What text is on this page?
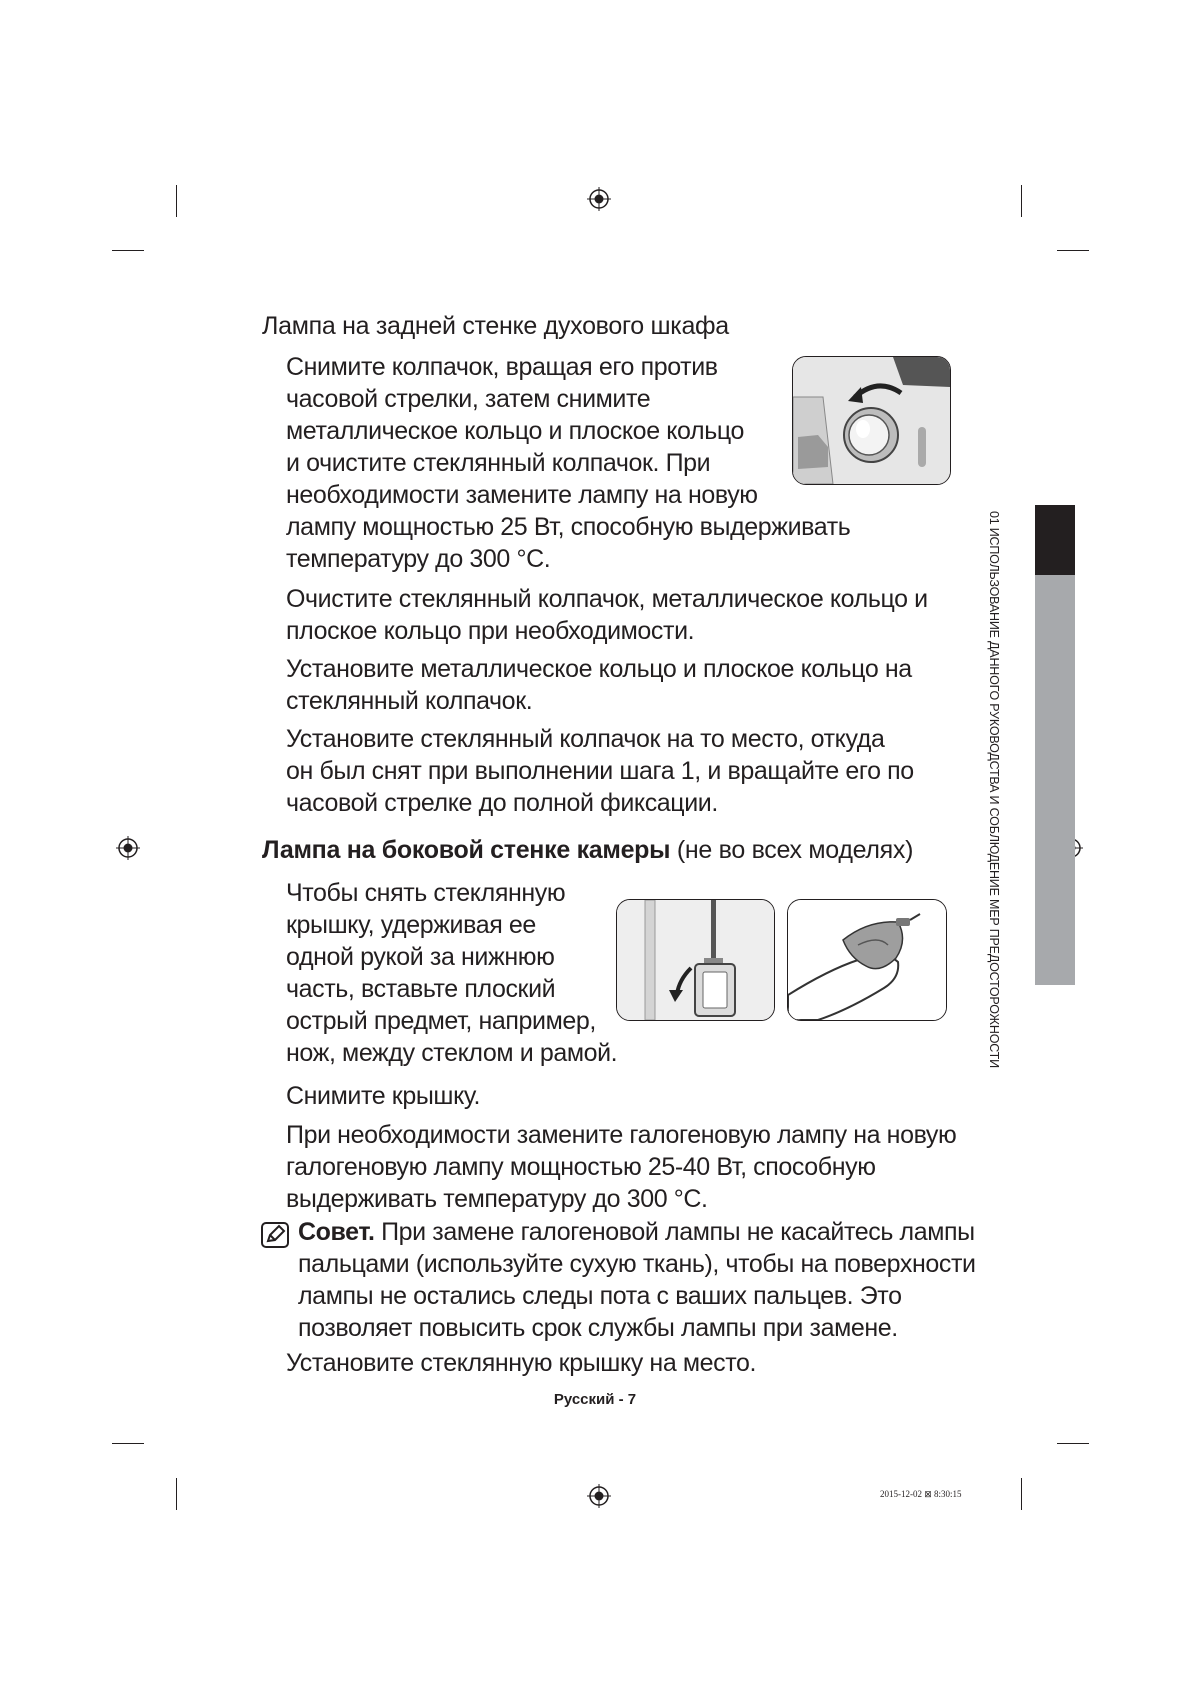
01 ИСПОЛЬЗОВАНИЕ ДАННОГО РУКОВОДСТВА И СОБЛЮДЕНИЕ МЕР ПРЕДОСТОРОЖНОСТИ
Лампа на задней стенке духового шкафа

Снимите колпачок, вращая его против
часовой стрелки, затем снимите
металлическое кольцо и плоское кольцо
и очистите стеклянный колпачок. При
необходимости замените лампу на новую
лампу мощностью 25 Вт, способную выдерживать
температуру до 300 °C.

Очистите стеклянный колпачок, металлическое кольцо и
плоское кольцо при необходимости.

Установите металлическое кольцо и плоское кольцо на
стеклянный колпачок.

Установите стеклянный колпачок на то место, откуда
он был снят при выполнении шага 1, и вращайте его по
часовой стрелке до полной фиксации.

Лампа на боковой стенке камеры (не во всех моделях)

Чтобы снять стеклянную
крышку, удерживая ее
одной рукой за нижнюю
часть, вставьте плоский
острый предмет, например,
нож, между стеклом и рамой.

Снимите крышку.

При необходимости замените галогеновую лампу на новую
галогеновую лампу мощностью 25-40 Вт, способную
выдерживать температуру до 300 °C.

Совет. При замене галогеновой лампы не касайтесь лампы
пальцами (используйте сухую ткань), чтобы на поверхности
лампы не остались следы пота с ваших пальцев. Это
позволяет повысить срок службы лампы при замене.

Установите стеклянную крышку на место.

Русский - 7
2015-12-02 ⊠ 8:30:15
